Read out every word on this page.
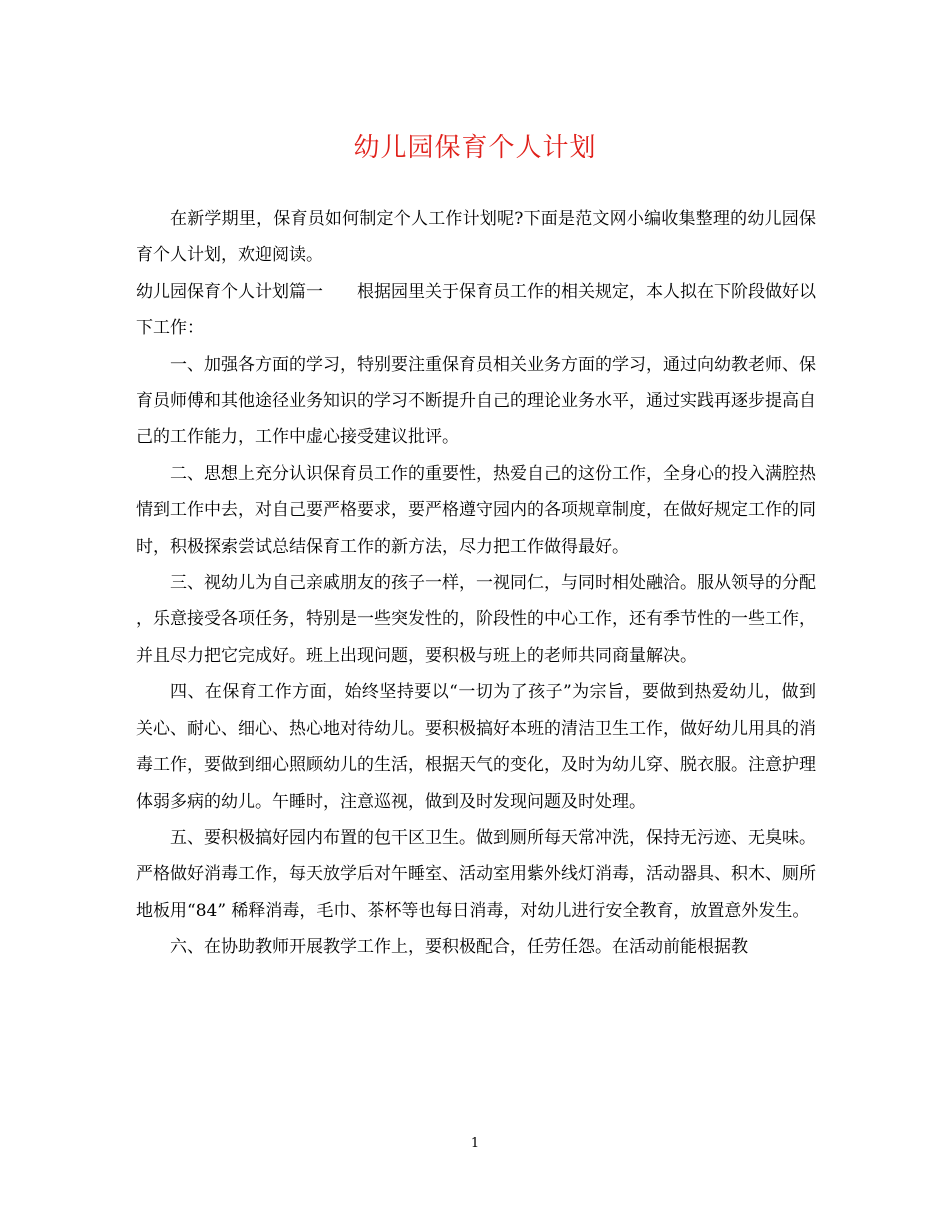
幼儿园保育个人计划

在新学期里，保育员如何制定个人工作计划呢?下面是范文网小编收集整理的幼儿园保育个人计划，欢迎阅读。

幼儿园保育个人计划篇一　　根据园里关于保育员工作的相关规定，本人拟在下阶段做好以下工作：

一、加强各方面的学习，特别要注重保育员相关业务方面的学习，通过向幼教老师、保育员师傅和其他途径业务知识的学习不断提升自己的理论业务水平，通过实践再逐步提高自己的工作能力，工作中虚心接受建议批评。

二、思想上充分认识保育员工作的重要性，热爱自己的这份工作，全身心的投入满腔热情到工作中去，对自己要严格要求，要严格遵守园内的各项规章制度，在做好规定工作的同时，积极探索尝试总结保育工作的新方法，尽力把工作做得最好。

三、视幼儿为自己亲戚朋友的孩子一样，一视同仁，与同时相处融洽。服从领导的分配，乐意接受各项任务，特别是一些突发性的，阶段性的中心工作，还有季节性的一些工作，并且尽力把它完成好。班上出现问题，要积极与班上的老师共同商量解决。

四、在保育工作方面，始终坚持要以“一切为了孩子”为宗旨，要做到热爱幼儿，做到关心、耐心、细心、热心地对待幼儿。要积极搞好本班的清洁卫生工作，做好幼儿用具的消毒工作，要做到细心照顾幼儿的生活，根据天气的变化，及时为幼儿穿、脱衣服。注意护理体弱多病的幼儿。午睡时，注意巡视，做到及时发现问题及时处理。

五、要积极搞好园内布置的包干区卫生。做到厕所每天常冲洗，保持无污迹、无臭味。严格做好消毒工作，每天放学后对午睡室、活动室用紫外线灯消毒，活动器具、积木、厕所地板用“84” 稀释消毒，毛巾、茶杯等也每日消毒，对幼儿进行安全教育，放置意外发生。

六、在协助教师开展教学工作上，要积极配合，任劳任怨。在活动前能根据教

1
